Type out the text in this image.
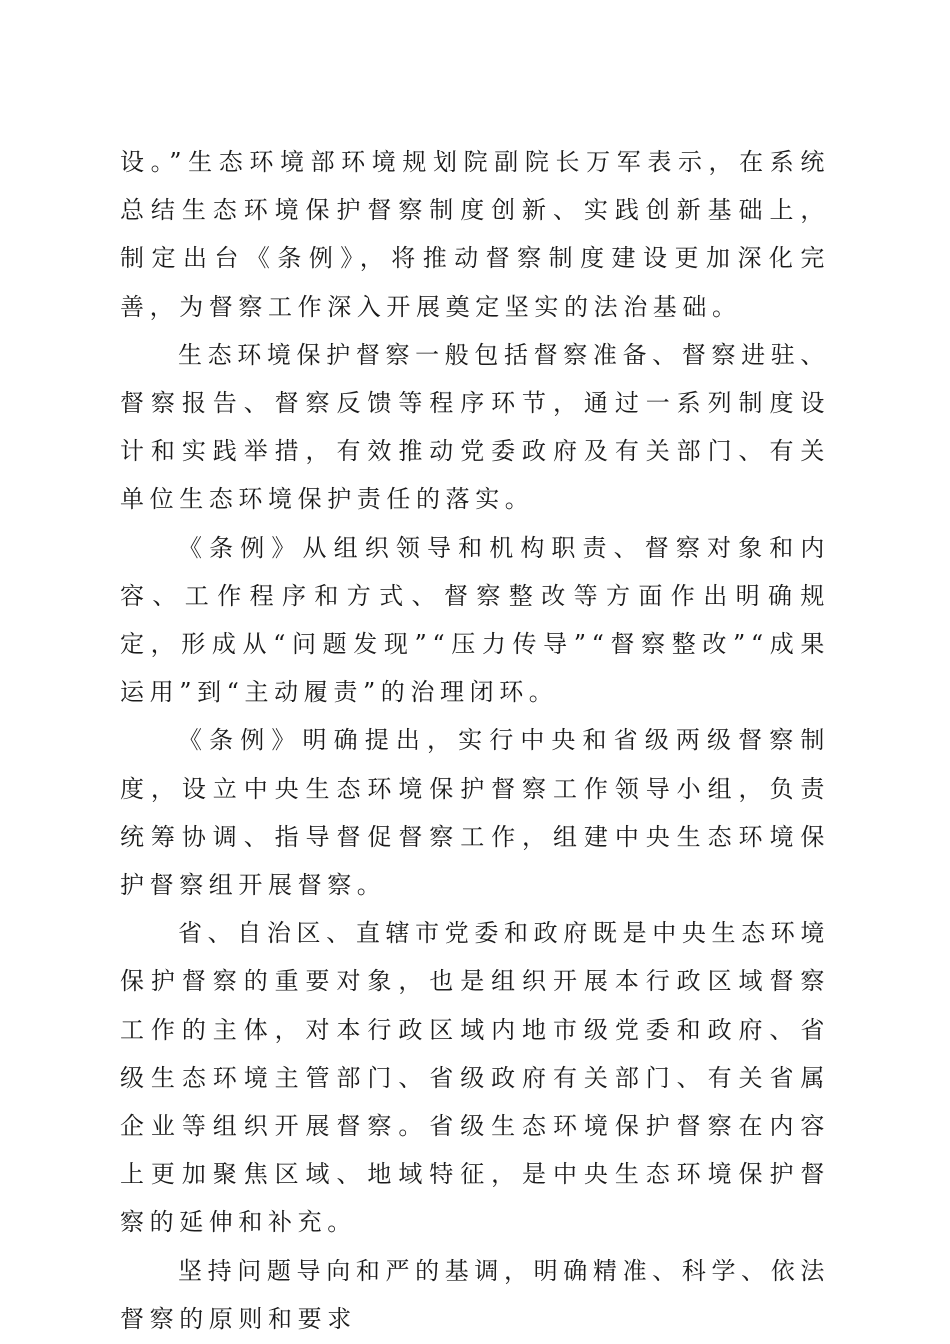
设。”生态环境部环境规划院副院长万军表示，在系统总结生态环境保护督察制度创新、实践创新基础上，制定出台《条例》，将推动督察制度建设更加深化完善，为督察工作深入开展奠定坚实的法治基础。

生态环境保护督察一般包括督察准备、督察进驻、督察报告、督察反馈等程序环节，通过一系列制度设计和实践举措，有效推动党委政府及有关部门、有关单位生态环境保护责任的落实。

《条例》从组织领导和机构职责、督察对象和内容、工作程序和方式、督察整改等方面作出明确规定，形成从“问题发现”“压力传导”“督察整改”“成果运用”到“主动履责”的治理闭环。

《条例》明确提出，实行中央和省级两级督察制度，设立中央生态环境保护督察工作领导小组，负责统筹协调、指导督促督察工作，组建中央生态环境保护督察组开展督察。

省、自治区、直辖市党委和政府既是中央生态环境保护督察的重要对象，也是组织开展本行政区域督察工作的主体，对本行政区域内地市级党委和政府、省级生态环境主管部门、省级政府有关部门、有关省属企业等组织开展督察。省级生态环境保护督察在内容上更加聚焦区域、地域特征，是中央生态环境保护督察的延伸和补充。

坚持问题导向和严的基调，明确精准、科学、依法督察的原则和要求
